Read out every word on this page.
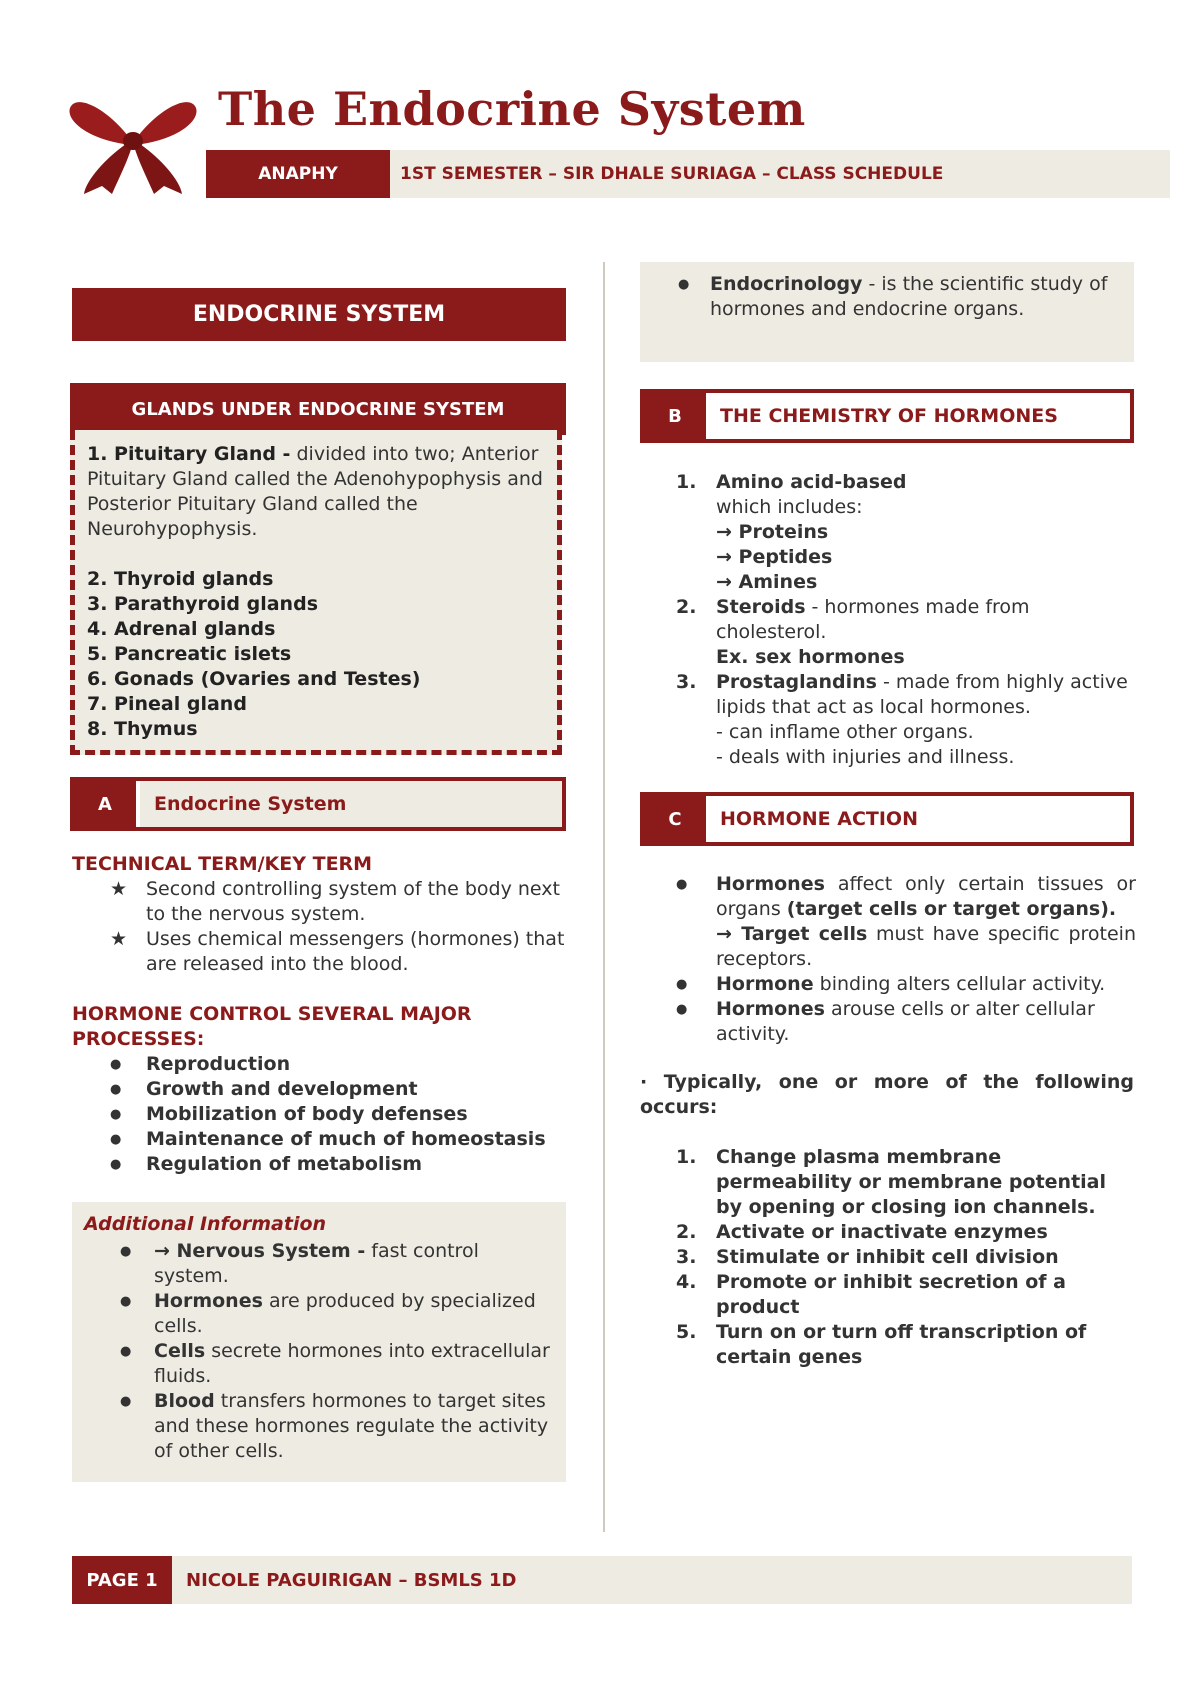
The Endocrine System
ANAPHY	1ST SEMESTER – SIR DHALE SURIAGA – CLASS SCHEDULE
ENDOCRINE SYSTEM
GLANDS UNDER ENDOCRINE SYSTEM

1. Pituitary Gland - divided into two; Anterior Pituitary Gland called the Adenohypophysis and Posterior Pituitary Gland called the Neurohypophysis.

2. Thyroid glands

3. Parathyroid glands

4. Adrenal glands

5. Pancreatic islets

6. Gonads (Ovaries and Testes)

7. Pineal gland

8. Thymus

A	Endocrine System
TECHNICAL TERM/KEY TERM
★ Second controlling system of the body next to the nervous system.
★ Uses chemical messengers (hormones) that are released into the blood.
HORMONE CONTROL SEVERAL MAJOR PROCESSES:
●	Reproduction
●	Growth and development
●	Mobilization of body defenses
●	Maintenance of much of homeostasis
●	Regulation of metabolism
Additional Information
●	→ Nervous System - fast control system.
●	Hormones are produced by specialized cells.
●	Cells secrete hormones into extracellular fluids.
●	Blood transfers hormones to target sites and these hormones regulate the activity of other cells.
●	Endocrinology - is the scientific study of hormones and endocrine organs.
B	THE CHEMISTRY OF HORMONES
1.	Amino acid-based
which includes:
→ Proteins
→ Peptides
→ Amines
2.	Steroids - hormones made from cholesterol.
Ex. sex hormones
3.	Prostaglandins - made from highly active lipids that act as local hormones.
- can inflame other organs.
- deals with injuries and illness.
C	HORMONE ACTION
●	Hormones affect only certain tissues or organs (target cells or target organs).
→ Target cells must have specific protein receptors.
●	Hormone binding alters cellular activity.
●	Hormones arouse cells or alter cellular activity.
· Typically, one or more of the following occurs:
1.	Change plasma membrane permeability or membrane potential by opening or closing ion channels.
2.	Activate or inactivate enzymes
3.	Stimulate or inhibit cell division
4.	Promote or inhibit secretion of a product
5.	Turn on or turn off transcription of certain genes
PAGE 1	NICOLE PAGUIRIGAN – BSMLS 1D
